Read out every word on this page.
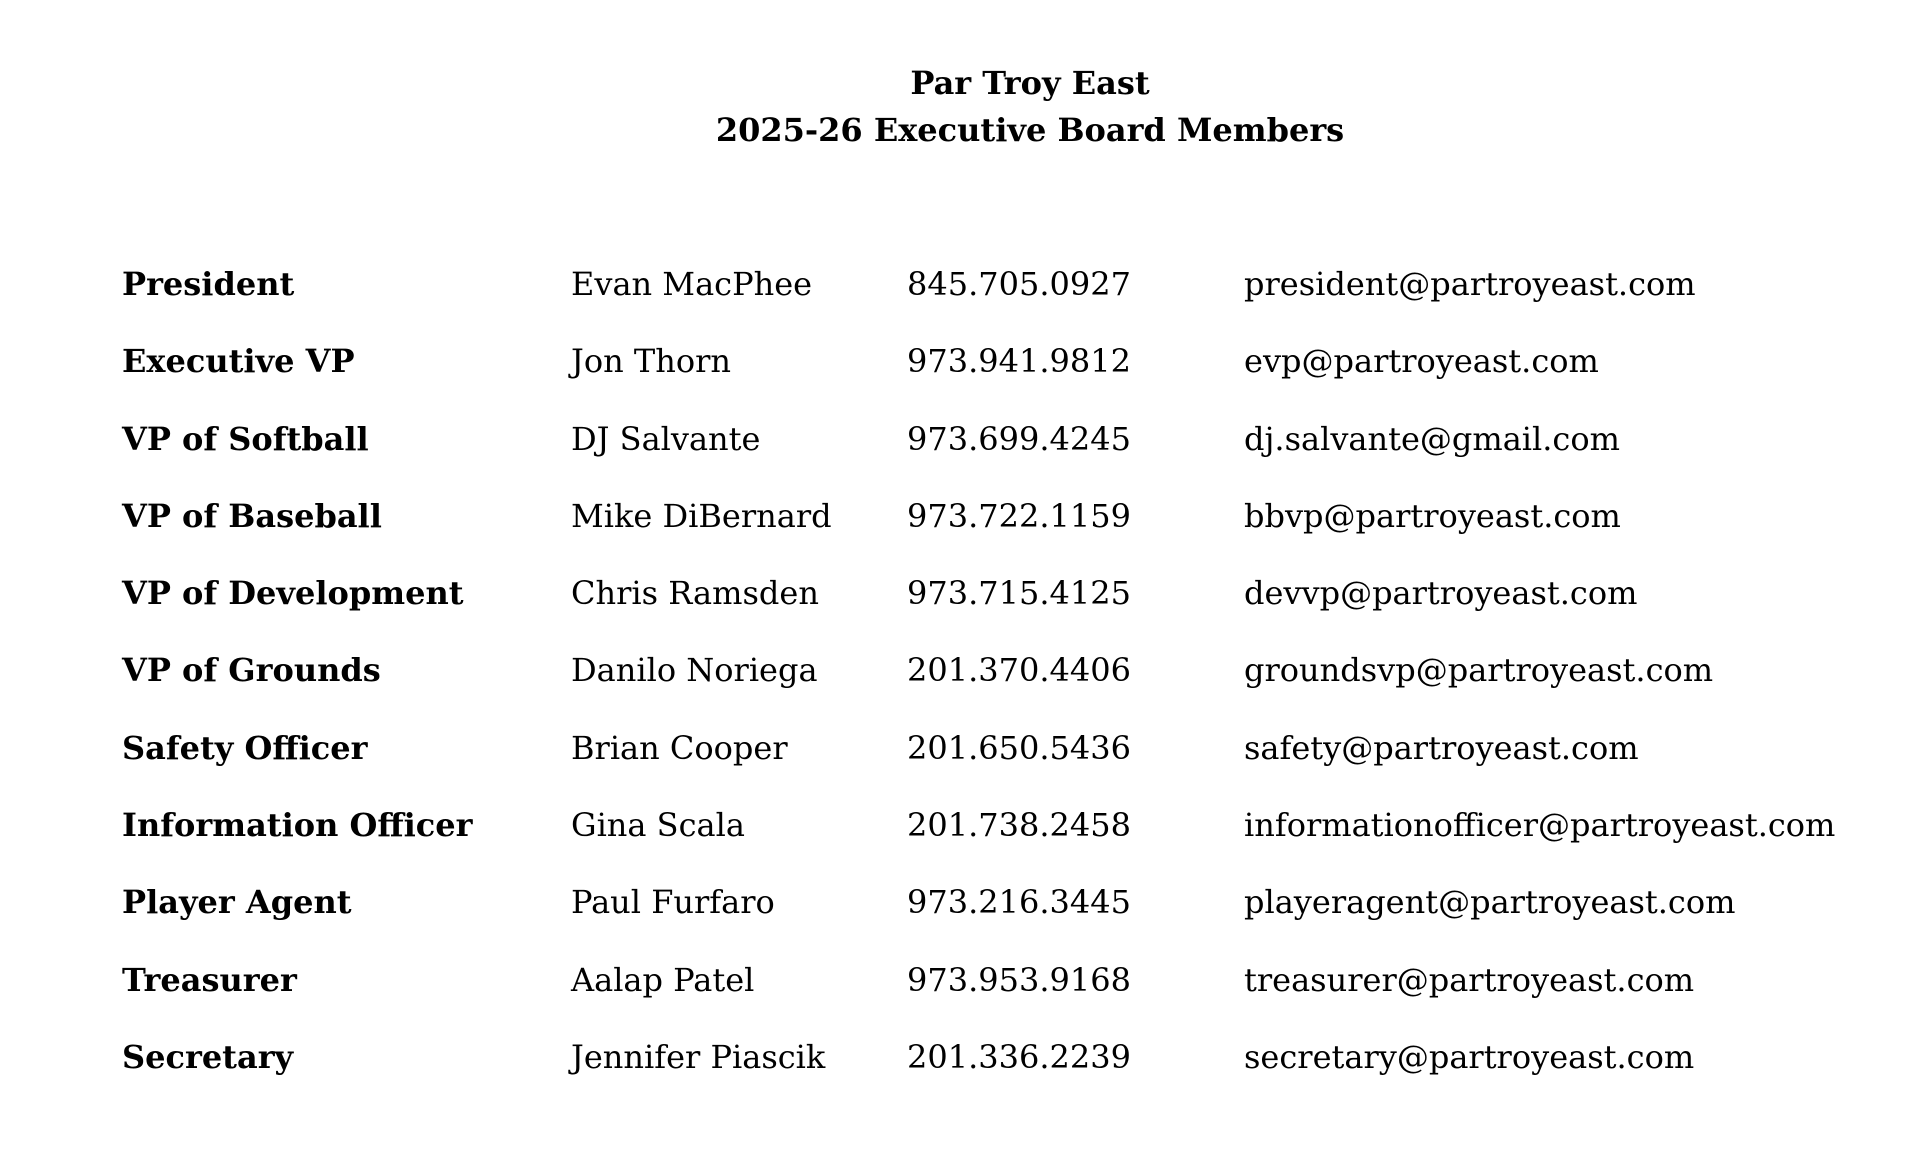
Par Troy East
2025-26 Executive Board Members
President	Evan MacPhee	845.705.0927	president@partroyeast.com
Executive VP	Jon Thorn	973.941.9812	evp@partroyeast.com
VP of Softball	DJ Salvante	973.699.4245	dj.salvante@gmail.com
VP of Baseball	Mike DiBernard 973.722.1159	bbvp@partroyeast.com
VP of Development	Chris Ramsden	973.715.4125	devvp@partroyeast.com
VP of Grounds	Danilo Noriega	201.370.4406	groundsvp@partroyeast.com
Safety Officer	Brian Cooper	201.650.5436	safety@partroyeast.com
Information Officer	Gina Scala	201.738.2458	informationofficer@partroyeast.com
Player Agent	Paul Furfaro	973.216.3445	playeragent@partroyeast.com
Treasurer	Aalap Patel	973.953.9168	treasurer@partroyeast.com
Secretary	Jennifer Piascik	201.336.2239	secretary@partroyeast.com
